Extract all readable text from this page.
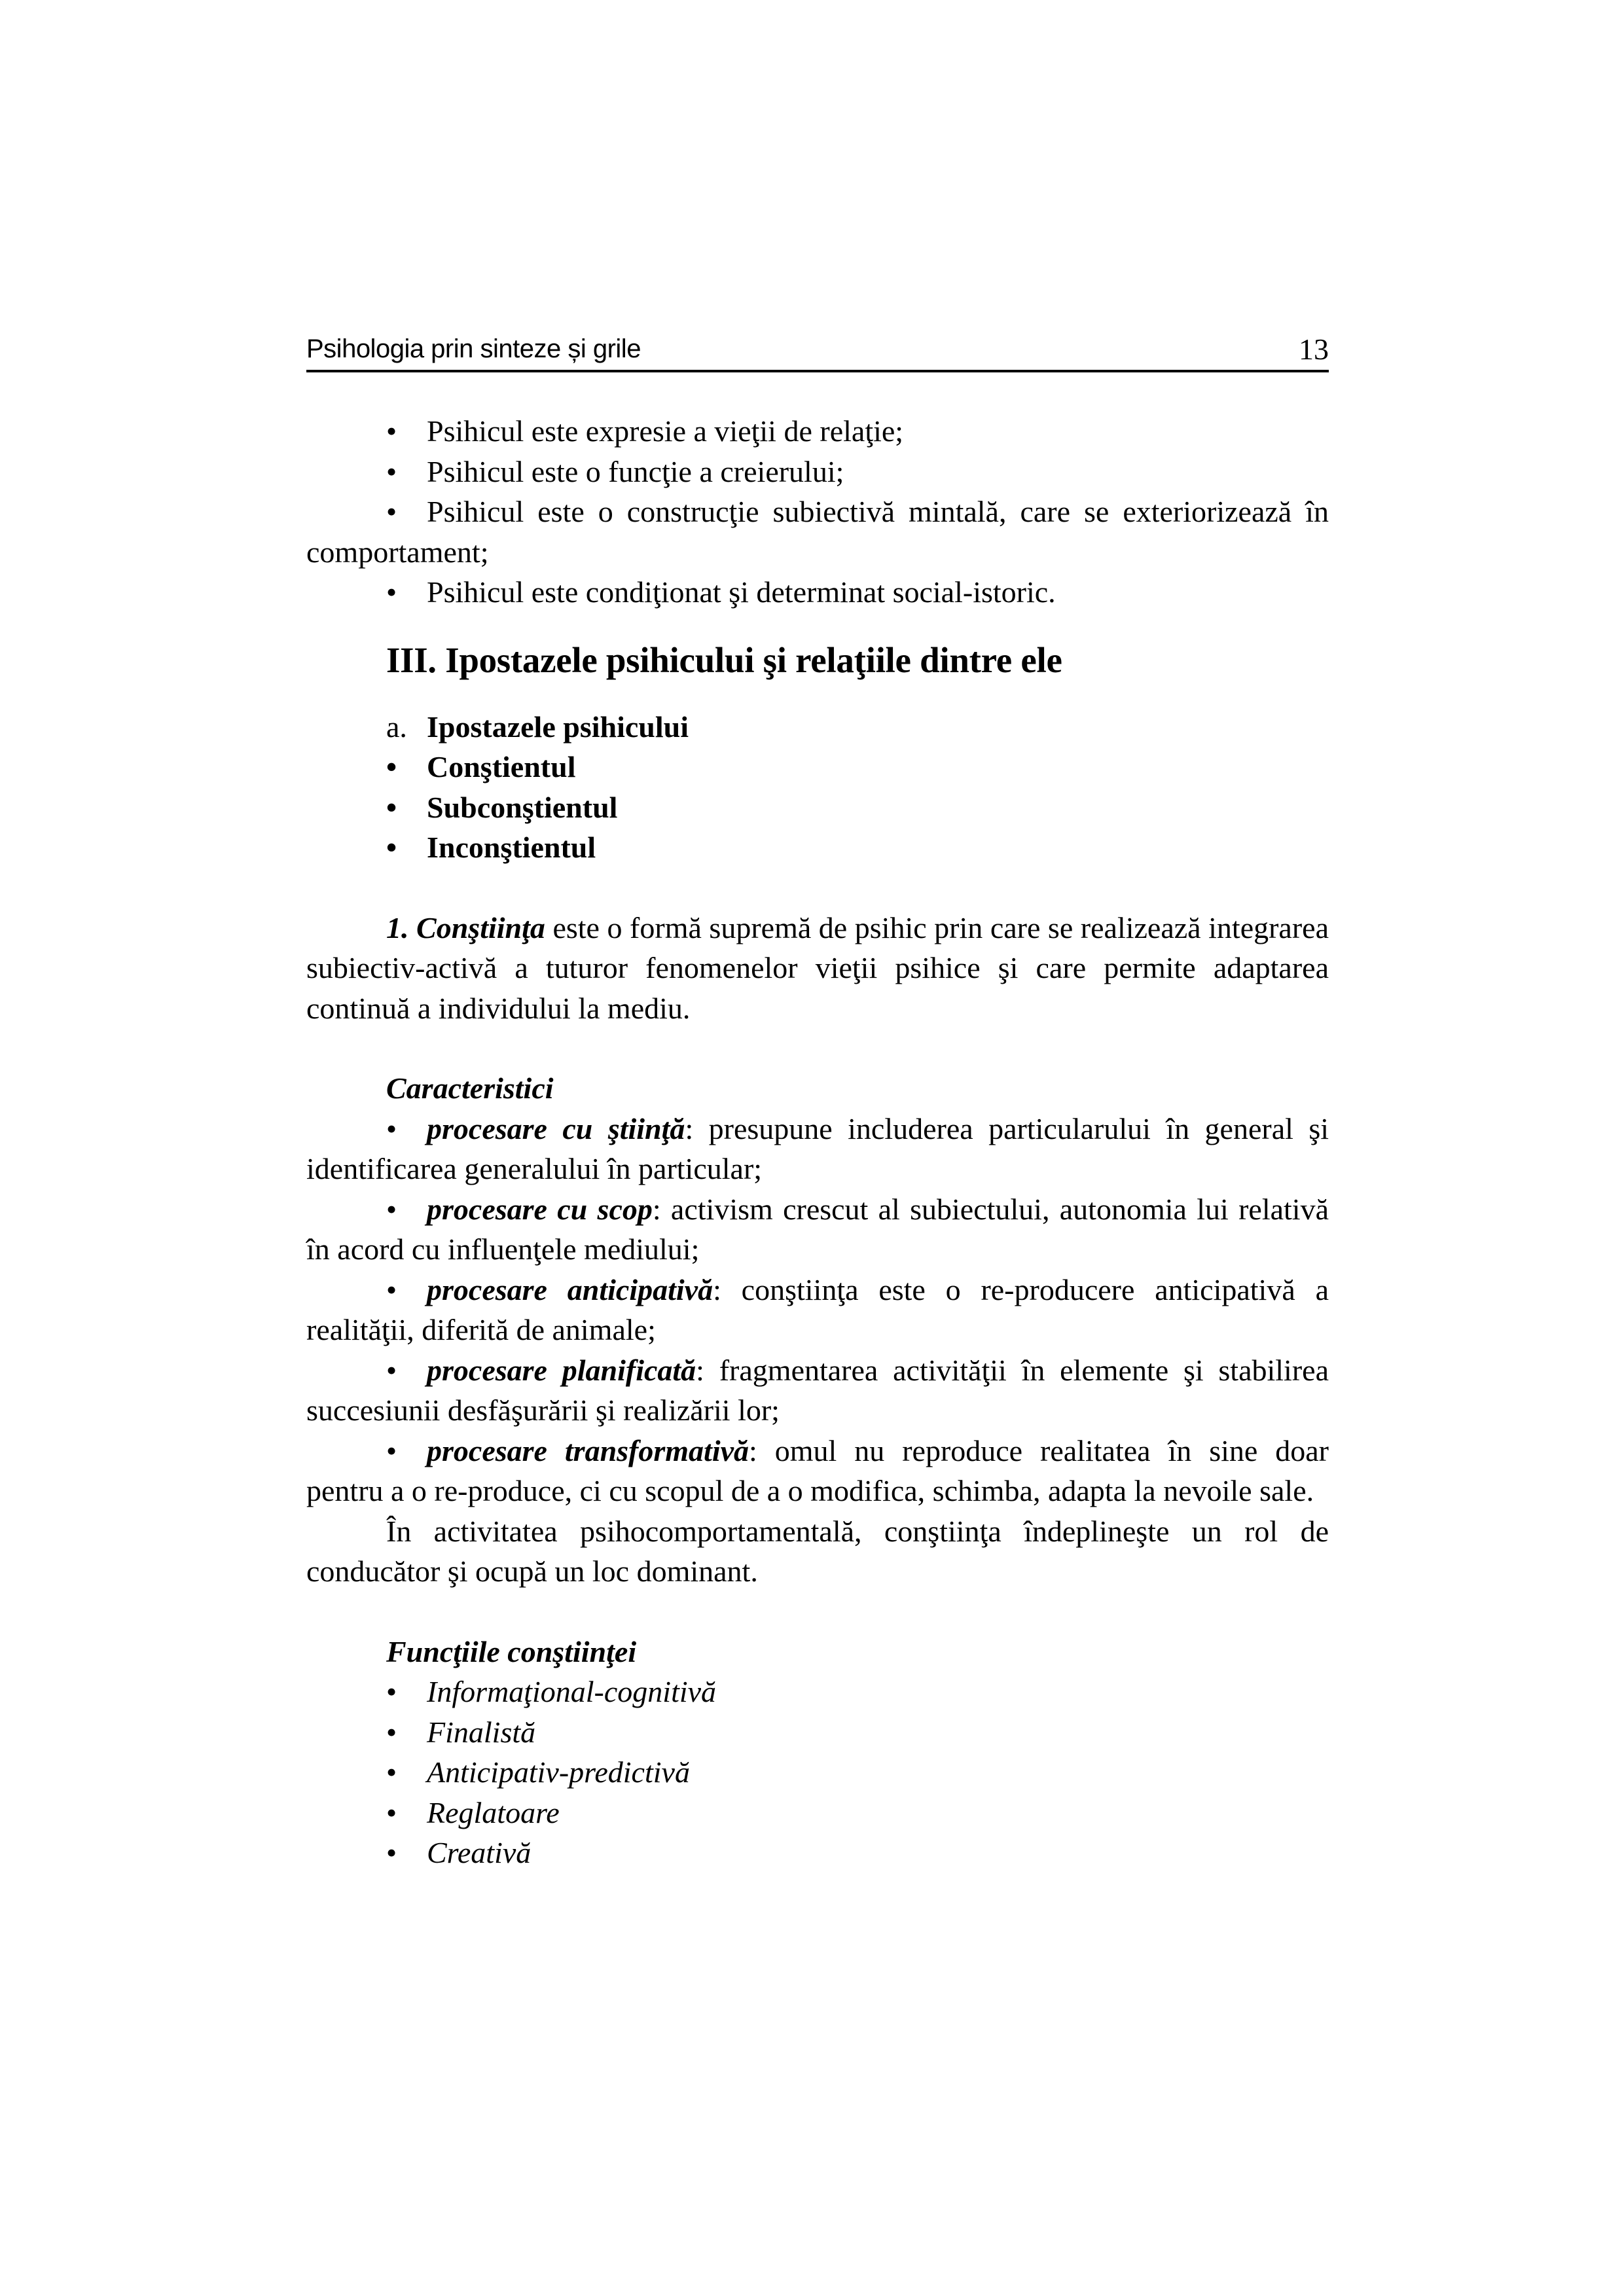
Psihologia prin sinteze și grile	13

• Psihicul este expresie a vieţii de relaţie;

• Psihicul este o funcţie a creierului;

• Psihicul este o construcţie subiectivă mintală, care se exteriorizează în comportament;

• Psihicul este condiţionat şi determinat social-istoric.

III. Ipostazele psihicului şi relaţiile dintre ele

a. Ipostazele psihicului

• Conştientul

• Subconştientul

• Inconştientul

1. Conştiinţa este o formă supremă de psihic prin care se realizează integrarea subiectiv-activă a tuturor fenomenelor vieţii psihice şi care permite adaptarea continuă a individului la mediu.

Caracteristici

• procesare cu ştiinţă: presupune includerea particularului în general şi identificarea generalului în particular;

• procesare cu scop: activism crescut al subiectului, autonomia lui relativă în acord cu influenţele mediului;

• procesare anticipativă: conştiinţa este o re-producere anticipativă a realităţii, diferită de animale;

• procesare planificată: fragmentarea activităţii în elemente şi stabilirea succesiunii desfăşurării şi realizării lor;

• procesare transformativă: omul nu reproduce realitatea în sine doar pentru a o re-produce, ci cu scopul de a o modifica, schimba, adapta la nevoile sale.

În activitatea psihocomportamentală, conştiinţa îndeplineşte un rol de conducător şi ocupă un loc dominant.

Funcţiile conştiinţei

• Informaţional-cognitivă

• Finalistă

• Anticipativ-predictivă

• Reglatoare

• Creativă
